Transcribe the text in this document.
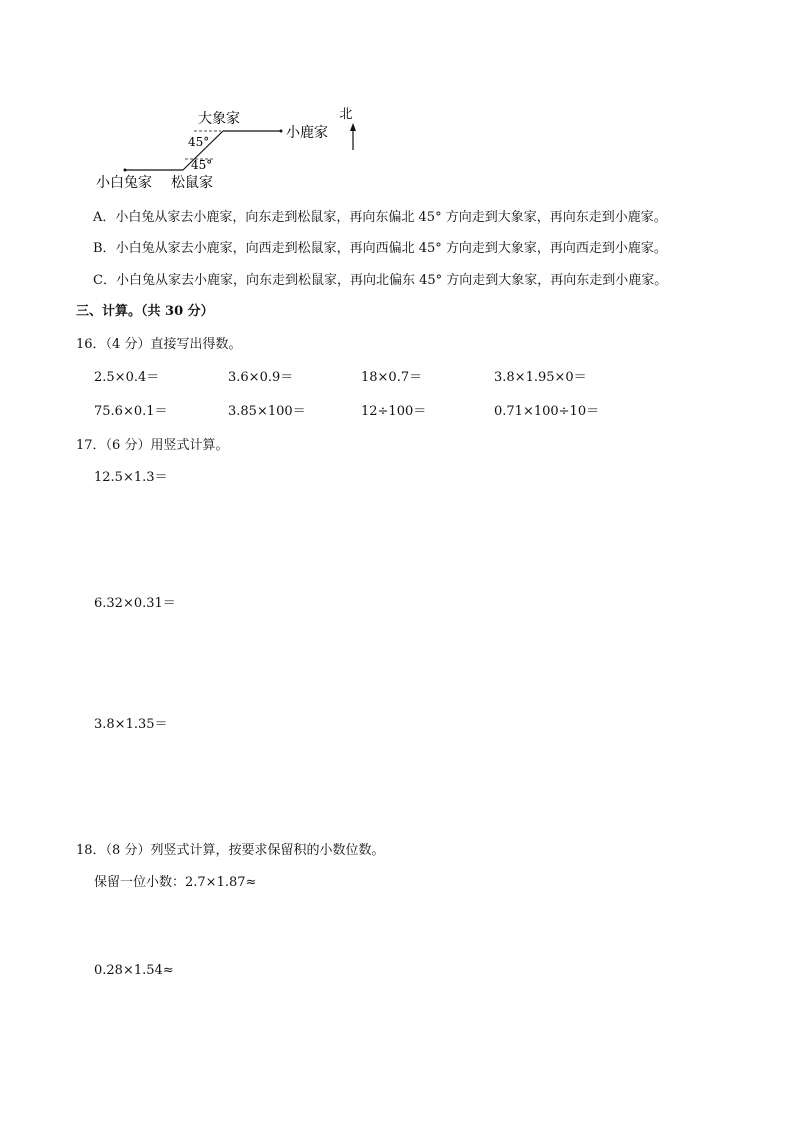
北
45°
45°
大象家
小鹿家
小白兔家 松鼠家
A．小白兔从家去小鹿家，向东走到松鼠家，再向东偏北 45° 方向走到大象家，再向东走到小鹿家。
B．小白兔从家去小鹿家，向西走到松鼠家，再向西偏北 45° 方向走到大象家，再向西走到小鹿家。
C．小白兔从家去小鹿家，向东走到松鼠家，再向北偏东 45° 方向走到大象家，再向东走到小鹿家。
三、计算。（共 30 分）
16．（4 分）直接写出得数。
2.5×0.4＝	3.6×0.9＝	18×0.7＝	3.8×1.95×0＝
75.6×0.1＝	3.85×100＝	12÷100＝	0.71×100÷10＝
17．（6 分）用竖式计算。
12.5×1.3＝
6.32×0.31＝
3.8×1.35＝
18．（8 分）列竖式计算，按要求保留积的小数位数。
保留一位小数：2.7×1.87≈
0.28×1.54≈
